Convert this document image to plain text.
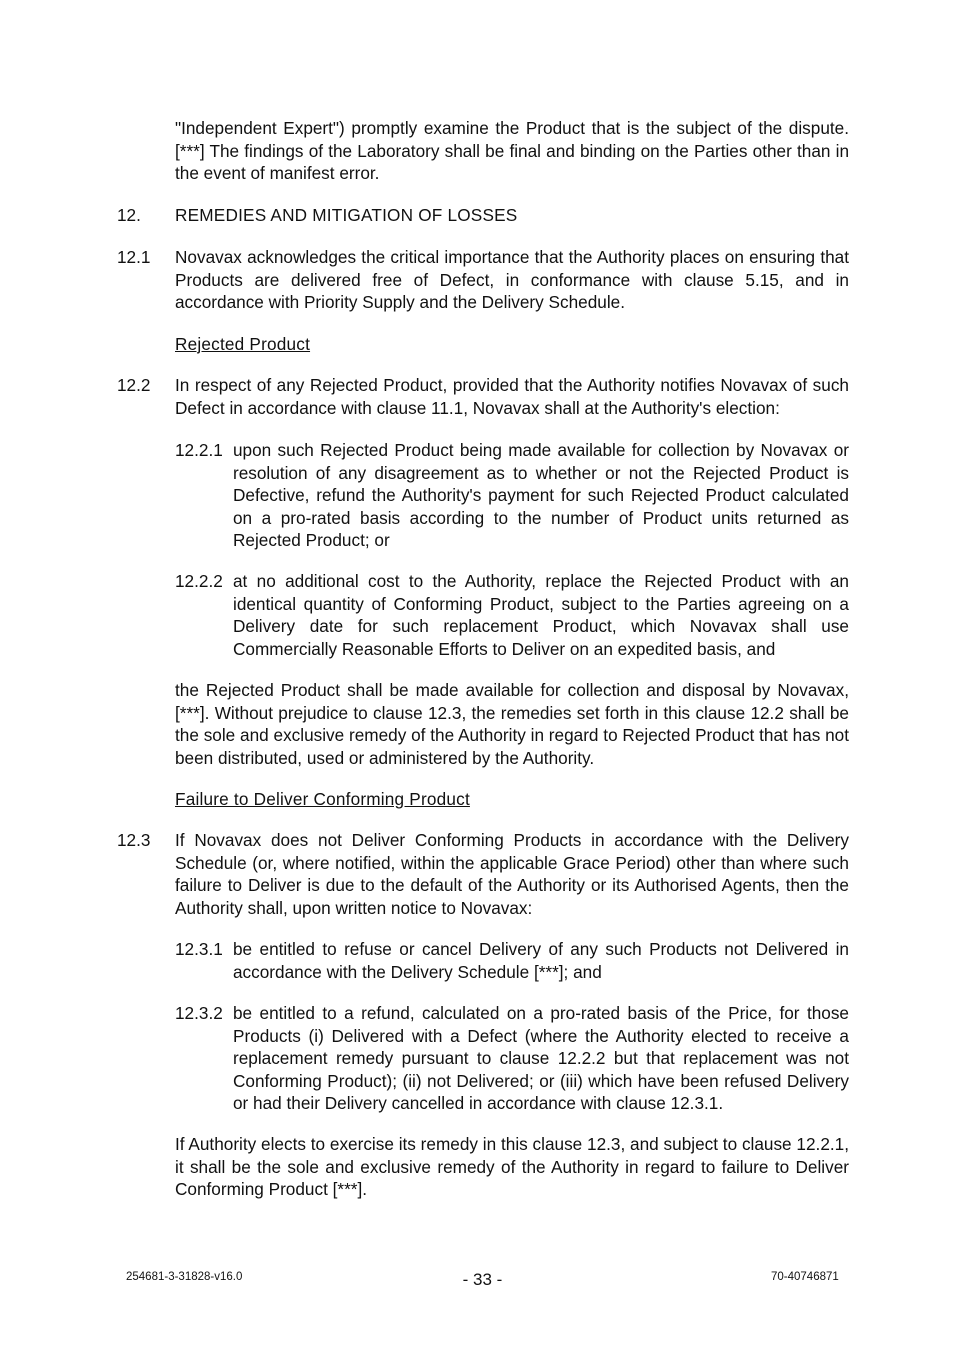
"Independent Expert") promptly examine the Product that is the subject of the dispute. [***] The findings of the Laboratory shall be final and binding on the Parties other than in the event of manifest error.

12. REMEDIES AND MITIGATION OF LOSSES
12.1 Novavax acknowledges the critical importance that the Authority places on ensuring that Products are delivered free of Defect, in conformance with clause 5.15, and in accordance with Priority Supply and the Delivery Schedule.

Rejected Product
12.2 In respect of any Rejected Product, provided that the Authority notifies Novavax of such Defect in accordance with clause 11.1, Novavax shall at the Authority's election:

12.2.1 upon such Rejected Product being made available for collection by Novavax or resolution of any disagreement as to whether or not the Rejected Product is Defective, refund the Authority's payment for such Rejected Product calculated on a pro-rated basis according to the number of Product units returned as Rejected Product; or

12.2.2 at no additional cost to the Authority, replace the Rejected Product with an identical quantity of Conforming Product, subject to the Parties agreeing on a Delivery date for such replacement Product, which Novavax shall use Commercially Reasonable Efforts to Deliver on an expedited basis, and

the Rejected Product shall be made available for collection and disposal by Novavax, [***]. Without prejudice to clause 12.3, the remedies set forth in this clause 12.2 shall be the sole and exclusive remedy of the Authority in regard to Rejected Product that has not been distributed, used or administered by the Authority.

Failure to Deliver Conforming Product
12.3 If Novavax does not Deliver Conforming Products in accordance with the Delivery Schedule (or, where notified, within the applicable Grace Period) other than where such failure to Deliver is due to the default of the Authority or its Authorised Agents, then the Authority shall, upon written notice to Novavax:

12.3.1 be entitled to refuse or cancel Delivery of any such Products not Delivered in accordance with the Delivery Schedule [***]; and

12.3.2 be entitled to a refund, calculated on a pro-rated basis of the Price, for those Products (i) Delivered with a Defect (where the Authority elected to receive a replacement remedy pursuant to clause 12.2.2 but that replacement was not Conforming Product); (ii) not Delivered; or (iii) which have been refused Delivery or had their Delivery cancelled in accordance with clause 12.3.1.

If Authority elects to exercise its remedy in this clause 12.3, and subject to clause 12.2.1, it shall be the sole and exclusive remedy of the Authority in regard to failure to Deliver Conforming Product [***].

254681-3-31828-v16.0	- 33 -	70-40746871
